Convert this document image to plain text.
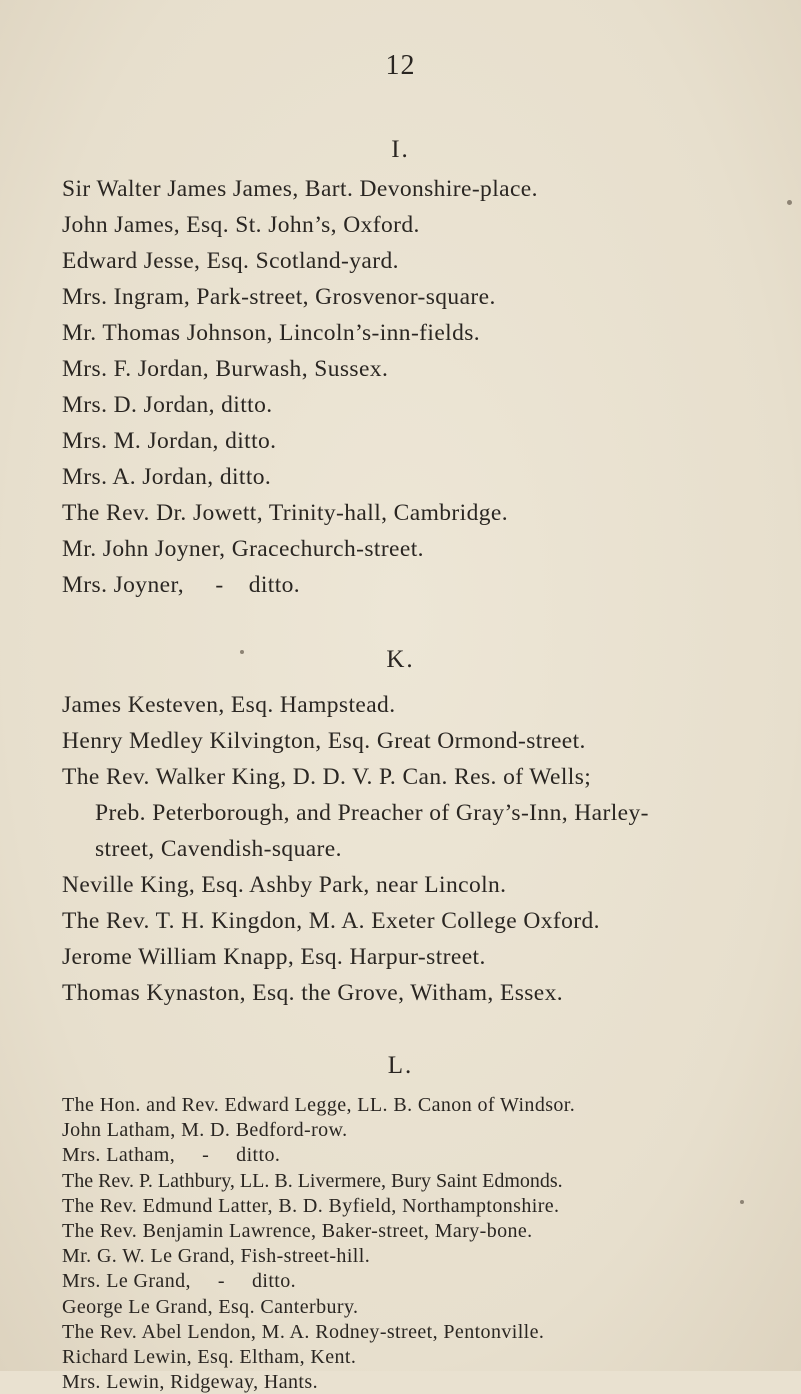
12
I.
Sir Walter James James, Bart. Devonshire-place.
John James, Esq. St. John’s, Oxford.
Edward Jesse, Esq. Scotland-yard.
Mrs. Ingram, Park-street, Grosvenor-square.
Mr. Thomas Johnson, Lincoln’s-inn-fields.
Mrs. F. Jordan, Burwash, Sussex.
Mrs. D. Jordan, ditto.
Mrs. M. Jordan, ditto.
Mrs. A. Jordan, ditto.
The Rev. Dr. Jowett, Trinity-hall, Cambridge.
Mr. John Joyner, Gracechurch-street.
Mrs. Joyner,     -    ditto.
K.
James Kesteven, Esq. Hampstead.
Henry Medley Kilvington, Esq. Great Ormond-street.
The Rev. Walker King, D. D. V. P. Can. Res. of Wells;
Preb. Peterborough, and Preacher of Gray’s-Inn, Harley-
street, Cavendish-square.
Neville King, Esq. Ashby Park, near Lincoln.
The Rev. T. H. Kingdon, M. A. Exeter College Oxford.
Jerome William Knapp, Esq. Harpur-street.
Thomas Kynaston, Esq. the Grove, Witham, Essex.
L.
The Hon. and Rev. Edward Legge, LL. B. Canon of Windsor.
John Latham, M. D. Bedford-row.
Mrs. Latham,     -     ditto.
The Rev. P. Lathbury, LL. B. Livermere, Bury Saint Edmonds.
The Rev. Edmund Latter, B. D. Byfield, Northamptonshire.
The Rev. Benjamin Lawrence, Baker-street, Mary-bone.
Mr. G. W. Le Grand, Fish-street-hill.
Mrs. Le Grand,     -     ditto.
George Le Grand, Esq. Canterbury.
The Rev. Abel Lendon, M. A. Rodney-street, Pentonville.
Richard Lewin, Esq. Eltham, Kent.
Mrs. Lewin, Ridgeway, Hants.
